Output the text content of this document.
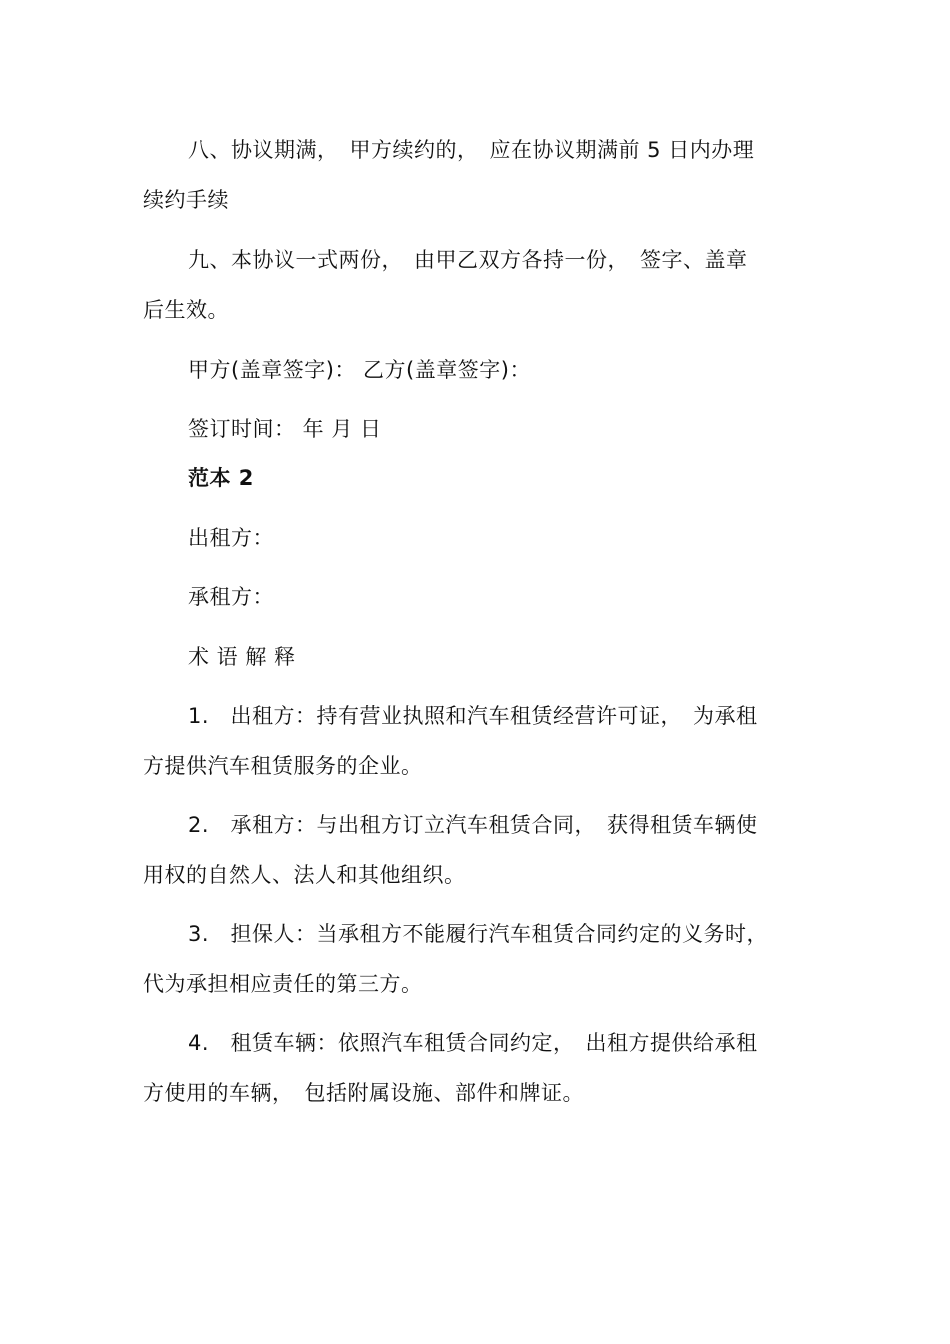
八、协议期满，　甲方续约的，　应在协议期满前 5 日内办理
续约手续
九、本协议一式两份，　由甲乙双方各持一份，　签字、盖章
后生效。
甲方(盖章签字)： 乙方(盖章签字)：
签订时间： 年 月 日
范本 2
出租方：
承租方：
术 语 解 释
1.　出租方：持有营业执照和汽车租赁经营许可证，　为承租
方提供汽车租赁服务的企业。
2.　承租方：与出租方订立汽车租赁合同，　获得租赁车辆使
用权的自然人、法人和其他组织。
3.　担保人：当承租方不能履行汽车租赁合同约定的义务时，
代为承担相应责任的第三方。
4.　租赁车辆：依照汽车租赁合同约定，　出租方提供给承租
方使用的车辆，　包括附属设施、部件和牌证。
